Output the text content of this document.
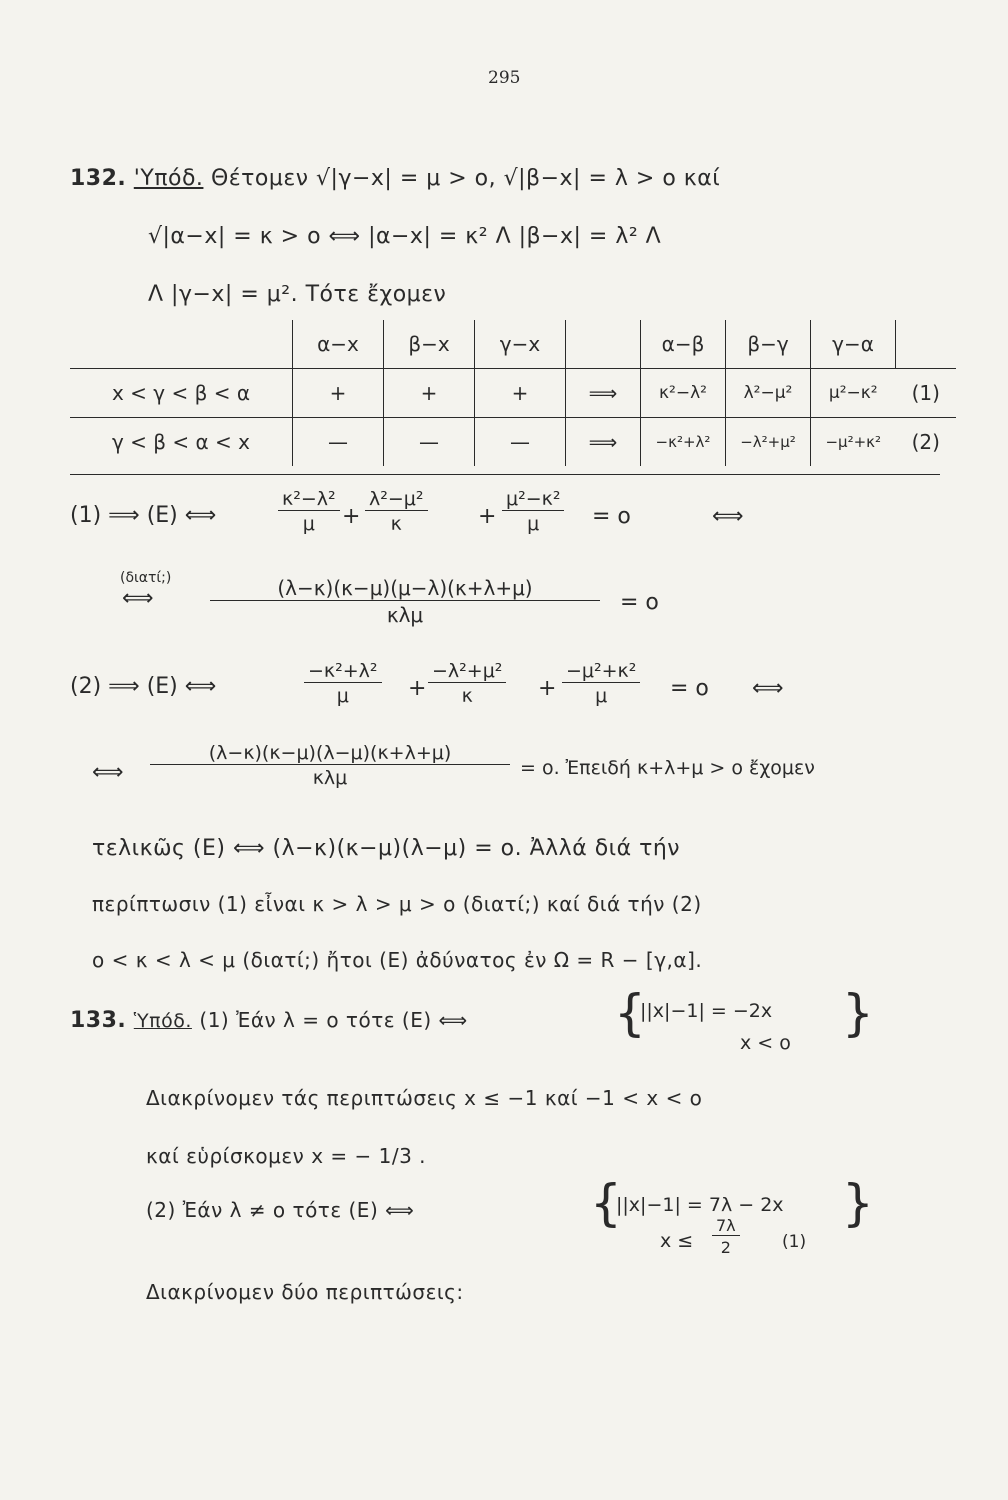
295
132. 'Υπόδ. Θέτομεν √|γ−x| = μ > ο, √|β−x| = λ > ο καί
√|α−x| = κ > ο ⟺ |α−x| = κ² Λ |β−x| = λ² Λ
Λ |γ−x| = μ². Τότε ἔχομεν
	α−x	β−x	γ−x		α−β	β−γ	γ−α	
x < γ < β < α	+	+	+	⟹	κ²−λ²	λ²−μ²	μ²−κ²	(1)
γ < β < α < x	—	—	—	⟹	−κ²+λ²	−λ²+μ²	−μ²+κ²	(2)
(1) ⟹ (E) ⟺	$\frac{\text{κ²−λ²}}{\mu} + \frac{\text{λ²−μ²}}{\kappa} + \frac{\text{μ²−κ²}}{\mu} = o$	⟺
(διατί;)
⟺	(λ−κ)(κ−μ)(μ−λ)(κ+λ+μ)
κλμ	= ο
(2) ⟹ (E) ⟺	$\frac{\text{−κ²+λ²}}{\mu} + \frac{\text{−λ²+μ²}}{\kappa} + \frac{\text{−μ²+κ²}}{\mu} = o$ ⟺
⟺
(λ−κ)(κ−μ)(λ−μ)(κ+λ+μ)
κλμ	= ο. Ἐπειδή κ+λ+μ > ο ἔχομεν
τελικῶς (E) ⟺ (λ−κ)(κ−μ)(λ−μ) = ο. Ἀλλά διά τήν
περίπτωσιν (1) εἶναι κ > λ > μ > ο (διατί;) καί διά τήν (2)
ο < κ < λ < μ (διατί;) ἤτοι (E) ἀδύνατος ἐν Ω = R − [γ,α].
133. Ὑπόδ. (1) Ἐάν λ = ο τότε (E) ⟺	{
||x|−1| = −2x
x < ο
}
Διακρίνομεν τάς περιπτώσεις x ≤ −1 καί −1 < x < ο
καί εὑρίσκομεν x = − 1/3 .
(2) Ἐάν λ ≠ ο τότε (E) ⟺	{
||x|−1| = 7λ − 2x
$x \le \frac{7\lambda}{2} (1)$
}
Διακρίνομεν δύο περιπτώσεις:
